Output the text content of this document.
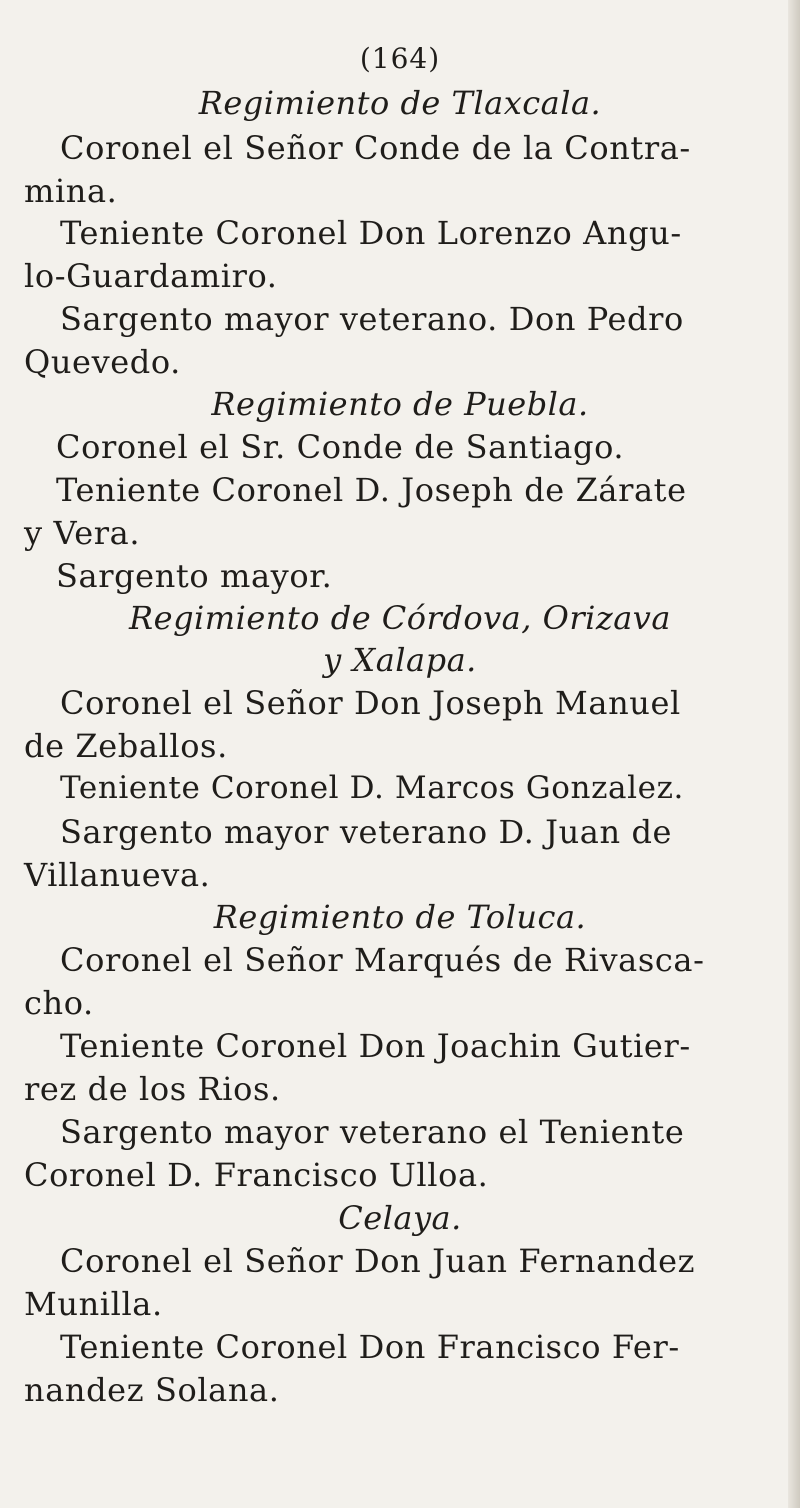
(164)
Regimiento de Tlaxcala.
Coronel el Señor Conde de la Contra-
mina.
Teniente Coronel Don Lorenzo Angu-
lo-Guardamiro.
Sargento mayor veterano. Don Pedro
Quevedo.
Regimiento de Puebla.
Coronel el Sr. Conde de Santiago.
Teniente Coronel D. Joseph de Zárate
y Vera.
Sargento mayor.
Regimiento de Córdova, Orizava
y Xalapa.
Coronel el Señor Don Joseph Manuel
de Zeballos.
Teniente Coronel D. Marcos Gonzalez.
Sargento mayor veterano D. Juan de
Villanueva.
Regimiento de Toluca.
Coronel el Señor Marqués de Rivasca-
cho.
Teniente Coronel Don Joachin Gutier-
rez de los Rios.
Sargento mayor veterano el Teniente
Coronel D. Francisco Ulloa.
Celaya.
Coronel el Señor Don Juan Fernandez
Munilla.
Teniente Coronel Don Francisco Fer-
nandez Solana.
